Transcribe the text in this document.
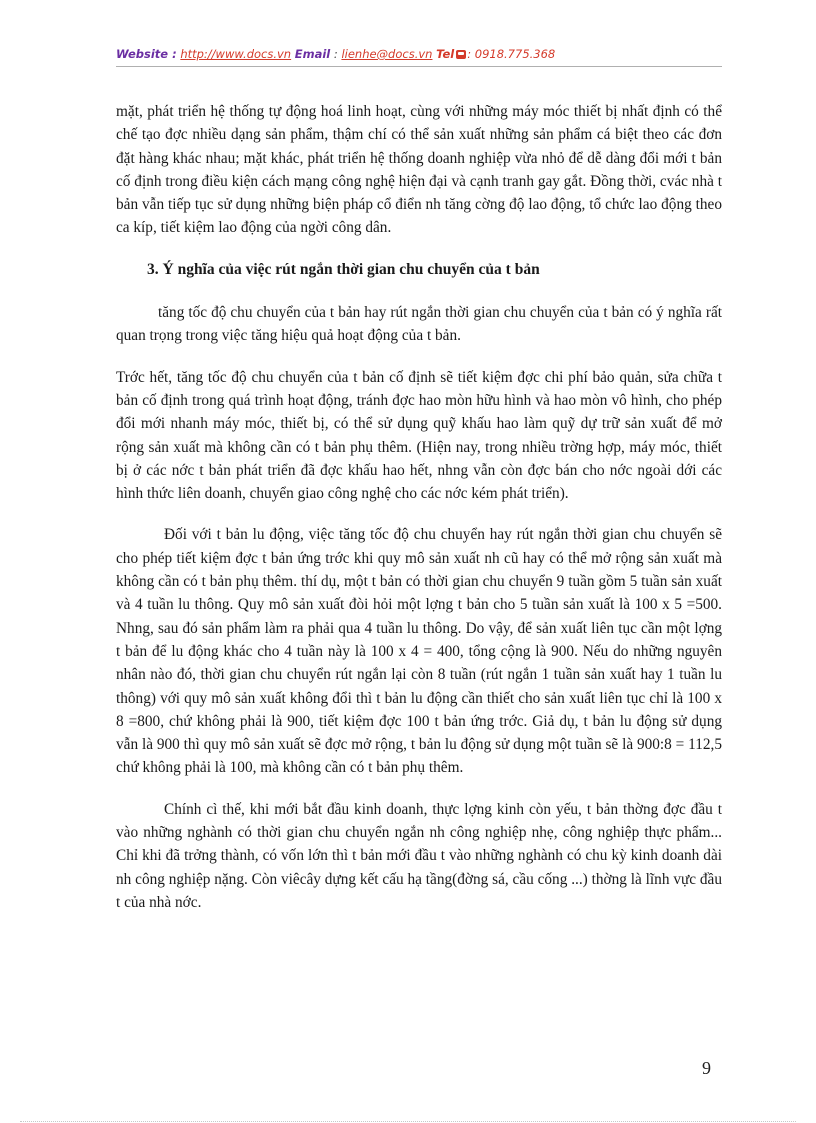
Website : http://www.docs.vn Email : lienhe@docs.vn Tel : 0918.775.368

mặt, phát triển hệ thống tự động hoá linh hoạt, cùng với những máy móc thiết bị nhất định có thể chế tạo đợc nhiều dạng sản phẩm, thậm chí có thể sản xuất những sản phẩm cá biệt theo các đơn đặt hàng khác nhau; mặt khác, phát triển hệ thống doanh nghiệp vừa nhỏ để dễ dàng đổi mới t bản cố định trong điều kiện cách mạng công nghệ hiện đại và cạnh tranh gay gắt. Đồng thời, cvác nhà t bản vẫn tiếp tục sử dụng những biện pháp cổ điển nh tăng cờng độ lao động, tổ chức lao động theo ca kíp, tiết kiệm lao động của ngời công dân.

3. Ý nghĩa của việc rút ngắn thời gian chu chuyển của t bản

tăng tốc độ chu chuyển của t bản hay rút ngắn thời gian chu chuyển của t bản có ý nghĩa rất quan trọng trong việc tăng hiệu quả hoạt động của t bản.

Trớc hết, tăng tốc độ chu chuyển của t bản cố định sẽ tiết kiệm đợc chi phí bảo quản, sửa chữa t bản cố định trong quá trình hoạt động, tránh đợc hao mòn hữu hình và hao mòn vô hình, cho phép đổi mới nhanh máy móc, thiết bị, có thể sử dụng quỹ khấu hao làm quỹ dự trữ sản xuất để mở rộng sản xuất mà không cần có t bản phụ thêm. (Hiện nay, trong nhiều trờng hợp, máy móc, thiết bị ở các nớc t bản phát triển đã đợc khấu hao hết, nhng vẫn còn đợc bán cho nớc ngoài dới các hình thức liên doanh, chuyển giao công nghệ cho các nớc kém phát triển).

Đối với t bản lu động, việc tăng tốc độ chu chuyển hay rút ngắn thời gian chu chuyển sẽ cho phép tiết kiệm đợc t bản ứng trớc khi quy mô sản xuất nh cũ hay có thể mở rộng sản xuất mà không cần có t bản phụ thêm. thí dụ, một t bản có thời gian chu chuyển 9 tuần gồm 5 tuần sản xuất và 4 tuần lu thông. Quy mô sản xuất đòi hỏi một lợng t bản cho 5 tuần sản xuất là 100 x 5 =500. Nhng, sau đó sản phẩm làm ra phải qua 4 tuần lu thông. Do vậy, để sản xuất liên tục cần một lợng t bản để lu động khác cho 4 tuần này là 100 x 4 = 400, tổng cộng là 900. Nếu do những nguyên nhân nào đó, thời gian chu chuyển rút ngắn lại còn 8 tuần (rút ngắn 1 tuần sản xuất hay 1 tuần lu thông) với quy mô sản xuất không đổi thì t bản lu động cần thiết cho sản xuất liên tục chỉ là 100 x 8 =800, chứ không phải là 900, tiết kiệm đợc 100 t bản ứng trớc. Giả dụ, t bản lu động sử dụng vẫn là 900 thì quy mô sản xuất sẽ đợc mở rộng, t bản lu động sử dụng một tuần sẽ là 900:8 = 112,5 chứ không phải là 100, mà không cần có t bản phụ thêm.

Chính cì thế, khi mới bắt đầu kinh doanh, thực lợng kinh còn yếu, t bản thờng đợc đầu t vào những nghành có thời gian chu chuyển ngắn nh công nghiệp nhẹ, công nghiệp thực phẩm... Chỉ khi đã trởng thành, có vốn lớn thì t bản mới đầu t vào những nghành có chu kỳ kinh doanh dài nh công nghiệp nặng. Còn viêcây dựng kết cấu hạ tầng(đờng sá, cầu cống ...) thờng là lĩnh vực đầu t của nhà nớc.

9
